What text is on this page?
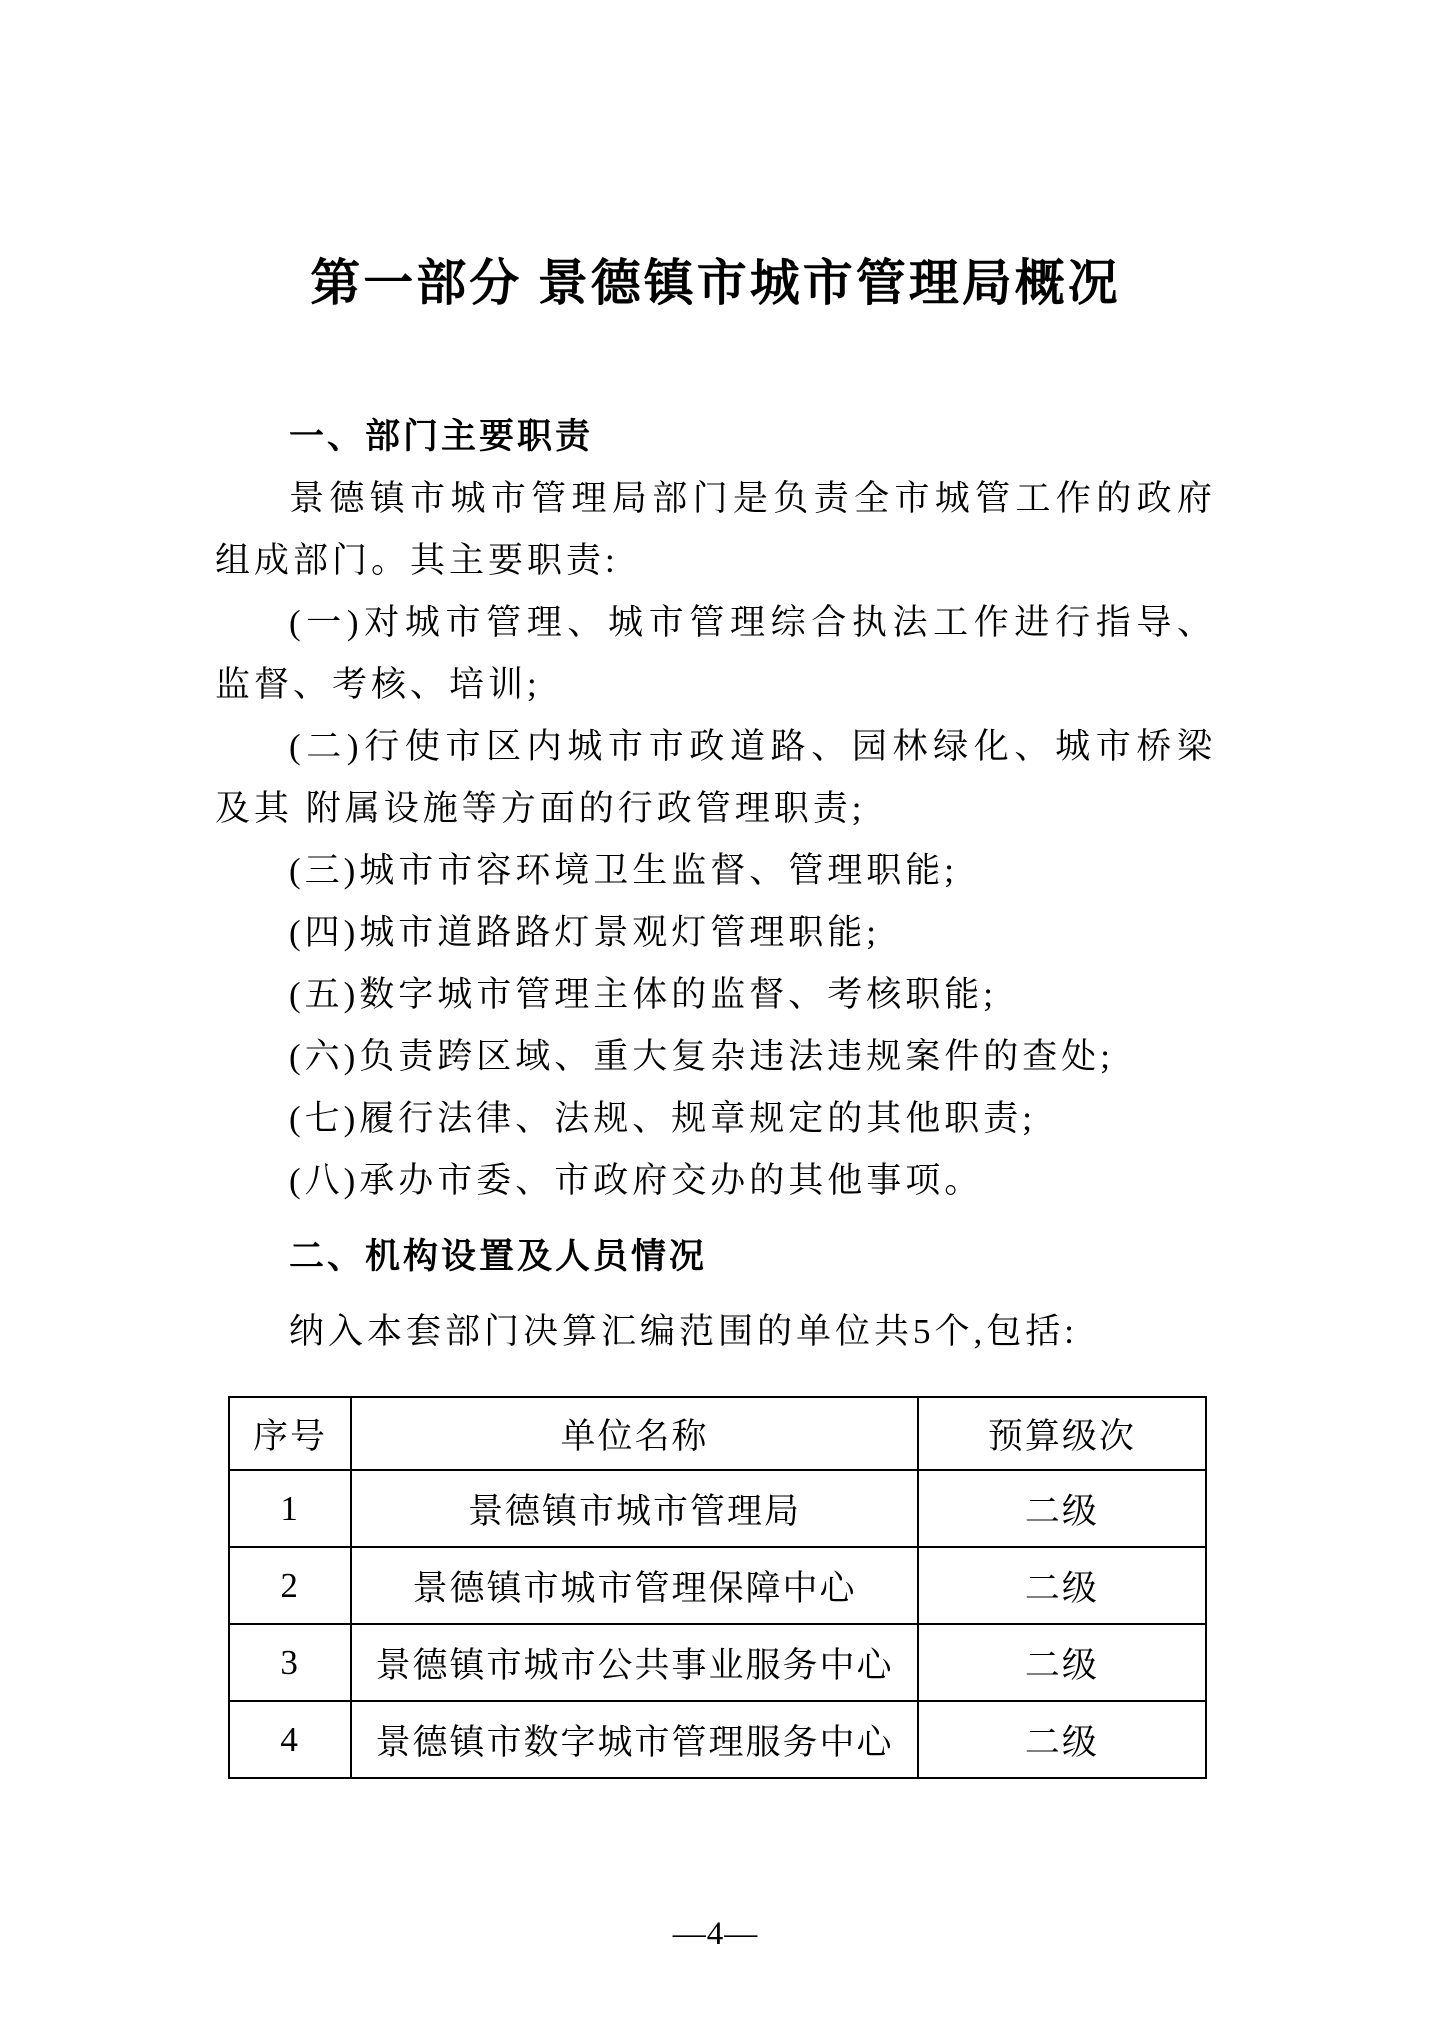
第一部分 景德镇市城市管理局概况
一、部门主要职责
景德镇市城市管理局部门是负责全市城管工作的政府
组成部门。其主要职责:
(一)对城市管理、城市管理综合执法工作进行指导、
监督、考核、培训;
(二)行使市区内城市市政道路、园林绿化、城市桥梁
及其 附属设施等方面的行政管理职责;
(三)城市市容环境卫生监督、管理职能;
(四)城市道路路灯景观灯管理职能;
(五)数字城市管理主体的监督、考核职能;
(六)负责跨区域、重大复杂违法违规案件的查处;
(七)履行法律、法规、规章规定的其他职责;
(八)承办市委、市政府交办的其他事项。
二、机构设置及人员情况
纳入本套部门决算汇编范围的单位共5个,包括:
序号	单位名称	预算级次
1	景德镇市城市管理局	二级
2	景德镇市城市管理保障中心	二级
3	景德镇市城市公共事业服务中心	二级
4	景德镇市数字城市管理服务中心	二级
—4—
